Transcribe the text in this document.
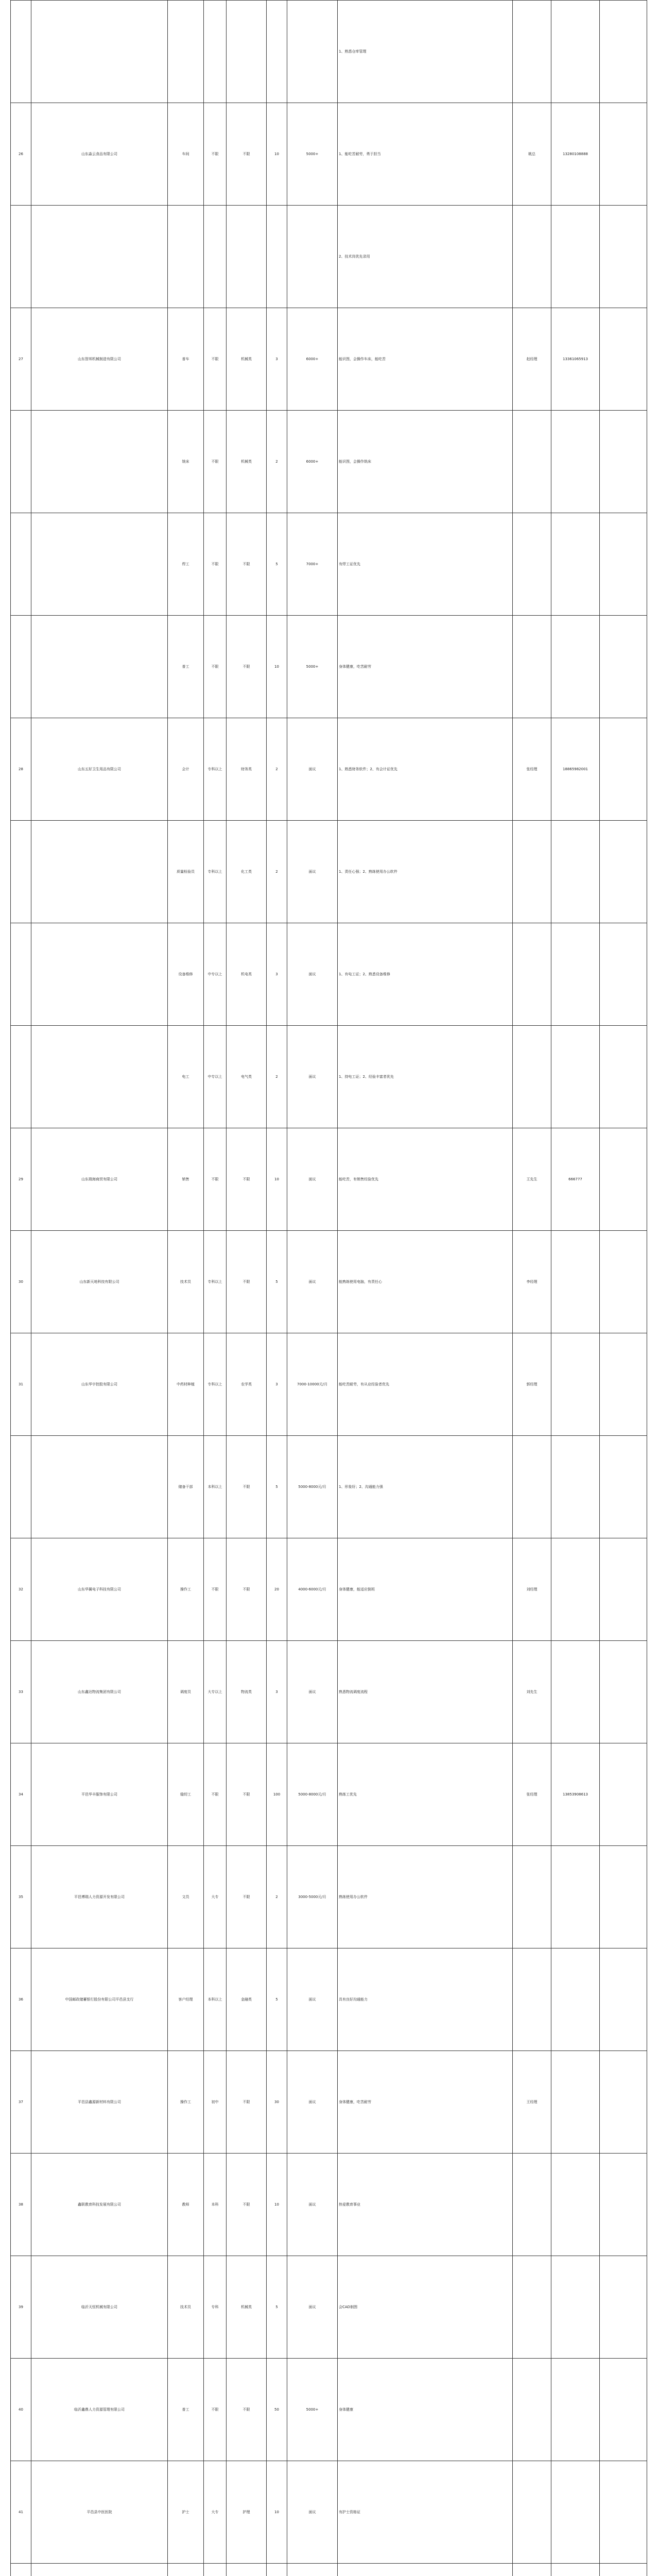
							1、熟悉仓库管理			
26	山东淼云食品有限公司	车间	不限	不限	10	5000+	1、能吃苦耐劳，勇于担当	姚总	13280108888	
							2、技术岗优先录用			
27	山东智邦机械制造有限公司	普车	不限	机械类	3	6000+	能识图，会操作车床，能吃苦	赵经理	13361065913	
		铣床	不限	机械类	2	6000+	能识图，会操作铣床			
		焊工	不限	不限	5	7000+	有焊工证优先			
		普工	不限	不限	10	5000+	身体健康，吃苦耐劳			
28	山东五好卫生用品有限公司	会计	专科以上	财务类	2	面议	1、熟悉财务软件；2、有会计证优先	张经理	18865982001	
		质量检验员	专科以上	化工类	2	面议	1、责任心强；2、熟练使用办公软件			
		设备维修	中专以上	机电类	3	面议	1、有电工证；2、熟悉设备维修			
		电工	中专以上	电气类	2	面议	1、持电工证；2、经验丰富者优先			
29	山东瑞海商贸有限公司	销售	不限	不限	10	面议	能吃苦，有销售经验优先	王先生	666777	
30	山东新天地科技有限公司	技术员	专科以上	不限	5	面议	能熟练使用电脑，有责任心	李经理		
31	山东华宇控股有限公司	中药材种植	专科以上	农学类	3	7000-10000元/月	能吃苦耐劳，有从业经验者优先	郭经理		
		储备干部	本科以上	不限	5	5000-8000元/月	1、形象好；2、沟通能力强			
32	山东华翼电子科技有限公司	操作工	不限	不限	20	4000-6000元/月	身体健康，能适应倒班	刘经理		
33	山东鑫达物流集团有限公司	调度员	大专以上	物流类	3	面议	熟悉物流调度流程	刘先生		
34	平邑华丰服饰有限公司	缝纫工	不限	不限	100	5000-8000元/月	熟练工优先	张经理	13853908613	
35	平邑博瑞人力资源开发有限公司	文员	大专	不限	2	3000-5000元/月	熟练使用办公软件			
36	中国邮政储蓄银行股份有限公司平邑县支行	客户经理	本科以上	金融类	5	面议	具有良好沟通能力			
37	平邑县鑫源新材料有限公司	操作工	初中	不限	30	面议	身体健康，吃苦耐劳	王经理		
38	鑫联教育科技发展有限公司	教师	本科	不限	10	面议	热爱教育事业			
39	临沂天恒机械有限公司	技术员	专科	机械类	5	面议	会CAD制图			
40	临沂鑫鼎人力资源管理有限公司	普工	不限	不限	50	5000+	身体健康			
41	平邑县中医医院	护士	大专	护理	10	面议	有护士资格证			
